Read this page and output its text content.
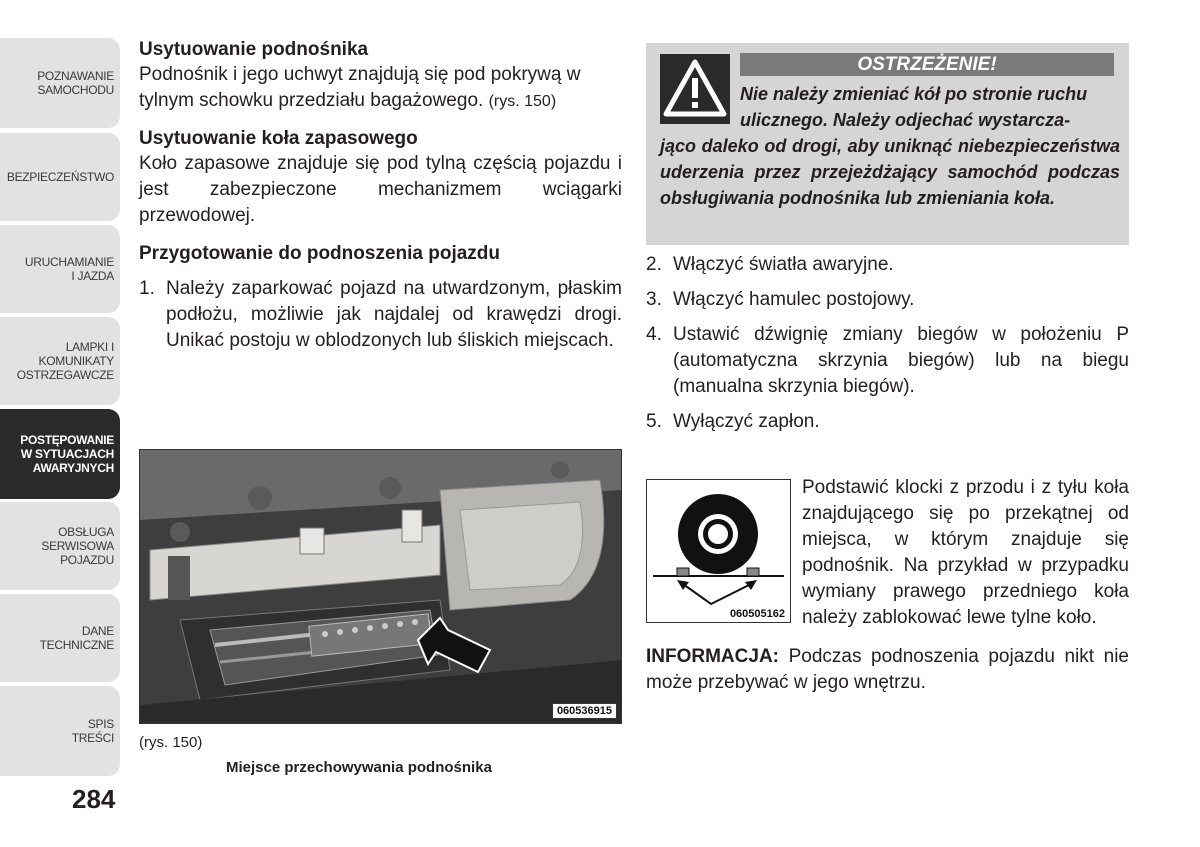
POZNAWANIE
SAMOCHODU
BEZPIECZEŃSTWO
URUCHAMIANIE
I JAZDA
LAMPKI I
KOMUNIKATY
OSTRZEGAWCZE
POSTĘPOWANIE
W SYTUACJACH
AWARYJNYCH
OBSŁUGA
SERWISOWA
POJAZDU
DANE
TECHNICZNE
SPIS
TREŚCI
284
Usytuowanie podnośnika
Podnośnik i jego uchwyt znajdują się pod pokrywą w tylnym schowku przedziału bagażowego. (rys. 150)
Usytuowanie koła zapasowego
Koło zapasowe znajduje się pod tylną częścią pojazdu i jest zabezpieczone mechanizmem wciągarki przewodowej.
Przygotowanie do podnoszenia pojazdu
1. Należy zaparkować pojazd na utwardzonym, płaskim podłożu, możliwie jak najdalej od krawędzi drogi. Unikać postoju w oblodzonych lub śliskich miejscach.
060536915
(rys. 150)
Miejsce przechowywania podnośnika
OSTRZEŻENIE!
Nie należy zmieniać kół po stronie ruchu
ulicznego. Należy odjechać wystarcza-
jąco daleko od drogi, aby uniknąć niebezpieczeństwa uderzenia przez przejeżdżający samochód podczas obsługiwania podnośnika lub zmieniania koła.
2. Włączyć światła awaryjne.
3. Włączyć hamulec postojowy.
4. Ustawić dźwignię zmiany biegów w położeniu P (automatyczna skrzynia biegów) lub na biegu (manualna skrzynia biegów).
5. Wyłączyć zapłon.
060505162
Podstawić klocki z przodu i z tyłu koła znajdującego się po przekątnej od miejsca, w którym znajduje się podnośnik. Na przykład w przypadku wymiany prawego przedniego koła należy zablokować lewe tylne koło.
INFORMACJA: Podczas podnoszenia pojazdu nikt nie może przebywać w jego wnętrzu.
